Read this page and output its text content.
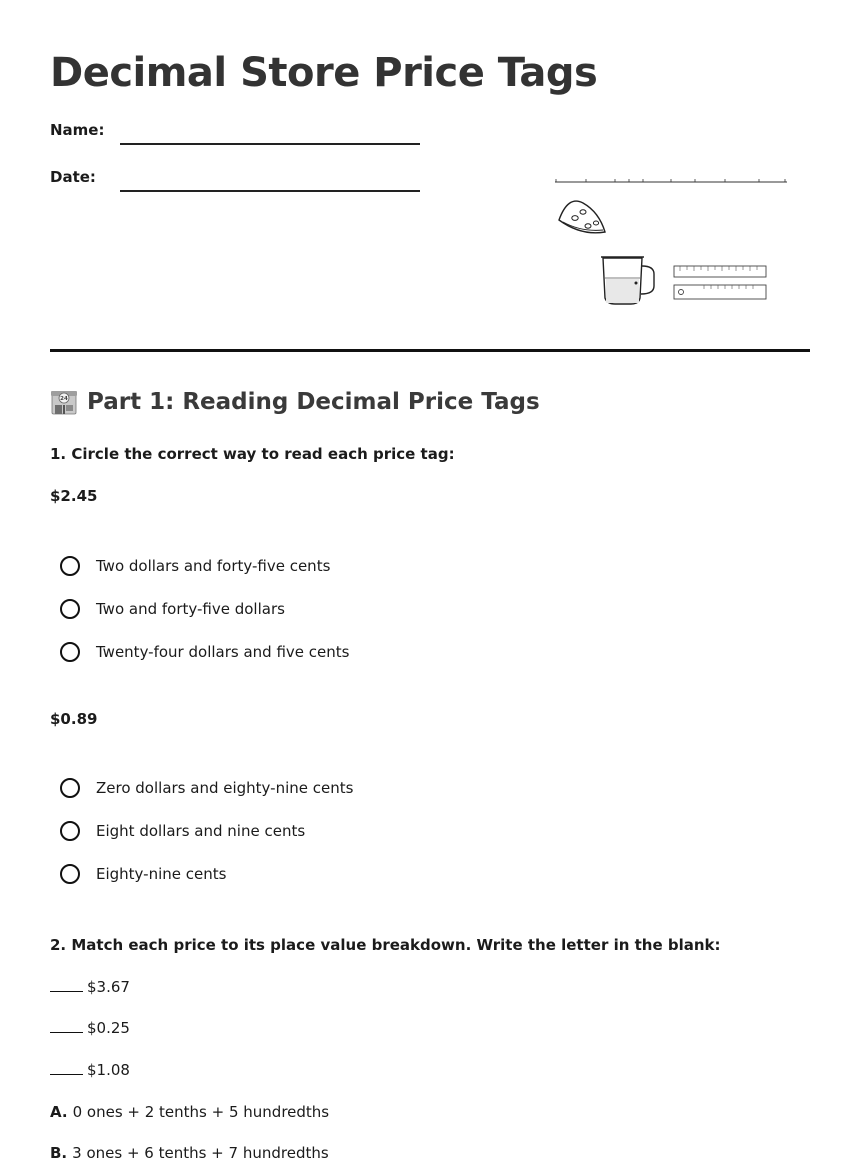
Decimal Store Price Tags
Name:
Date:
24 Part 1: Reading Decimal Price Tags
1. Circle the correct way to read each price tag:
$2.45
Two dollars and forty-five cents
Two and forty-five dollars
Twenty-four dollars and five cents
$0.89
Zero dollars and eighty-nine cents
Eight dollars and nine cents
Eighty-nine cents
2. Match each price to its place value breakdown. Write the letter in the blank:
$3.67
$0.25
$1.08
A. 0 ones + 2 tenths + 5 hundredths
B. 3 ones + 6 tenths + 7 hundredths
